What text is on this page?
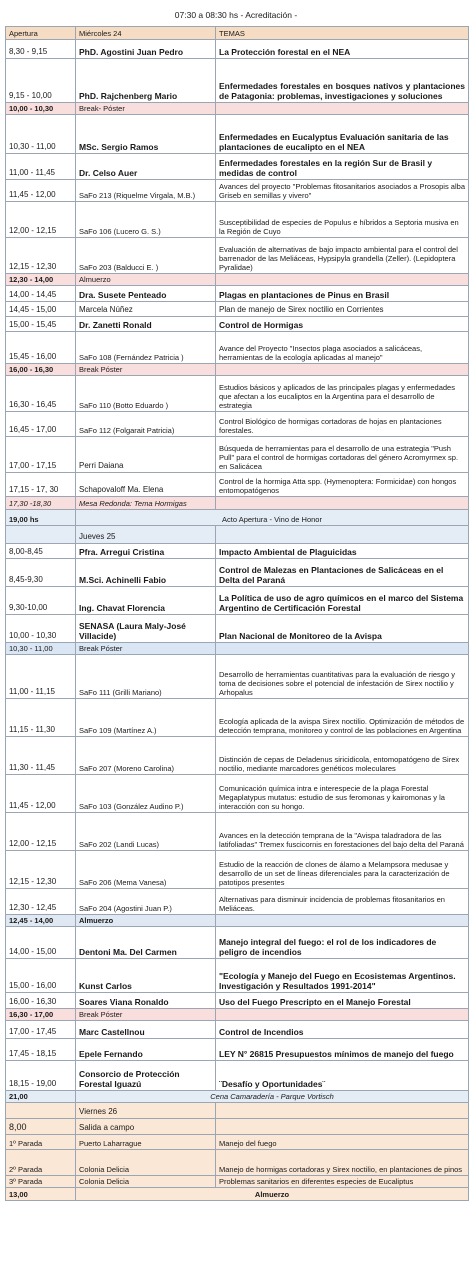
07:30 a 08:30 hs - Acreditación -
Apertura	Miércoles 24	TEMAS
8,30 - 9,15	PhD. Agostini Juan Pedro	La Protección forestal en el NEA
9,15 - 10,00	PhD. Rajchenberg Mario	Enfermedades forestales en bosques nativos y plantaciones de Patagonia: problemas, investigaciones y soluciones
10,00 - 10,30	Break- Póster	
10,30 - 11,00	MSc. Sergio Ramos	Enfermedades en Eucalyptus Evaluación sanitaria de las plantaciones de eucalipto en el NEA
11,00 - 11,45	Dr. Celso Auer	Enfermedades forestales en la región Sur de Brasil y medidas de control
11,45 - 12,00	SaFo 213 (Riquelme Virgala, M.B.)	Avances del proyecto "Problemas fitosanitarios asociados a Prosopis alba Griseb en semillas y vivero"
12,00 - 12,15	SaFo 106 (Lucero G. S.)	Susceptibilidad de especies de Populus e híbridos a Septoria musiva en la Región de Cuyo
12,15 - 12,30	SaFo 203 (Balducci E. )	Evaluación de alternativas de bajo impacto ambiental para el control del barrenador de las Meliáceas, Hypsipyla grandella (Zeller). (Lepidoptera Pyralidae)
12,30 - 14,00	Almuerzo	
14,00 - 14,45	Dra. Susete Penteado	Plagas en plantaciones de Pinus en Brasil
14,45 - 15,00	Marcela Núñez	Plan de manejo de Sirex noctilio en Corrientes
15,00 - 15,45	Dr. Zanetti Ronald	Control de Hormigas
15,45 - 16,00	SaFo 108 (Fernández Patricia )	Avance del Proyecto "Insectos plaga asociados a salicáceas, herramientas de la ecología aplicadas al manejo"
16,00 - 16,30	Break Póster	
16,30 - 16,45	SaFo 110 (Botto Eduardo )	Estudios básicos y aplicados de las principales plagas y enfermedades que afectan a los eucaliptos en la Argentina para el desarrollo de estrategia
16,45 - 17,00	SaFo 112 (Folgarait Patricia)	Control Biológico de hormigas cortadoras de hojas en plantaciones forestales.
17,00 - 17,15	Perri Daiana	Búsqueda de herramientas para el desarrollo de una estrategia "Push Pull" para el control de hormigas cortadoras del género Acromyrmex sp. en Salicácea
17,15 - 17, 30	Schapovaloff Ma. Elena	Control de la hormiga Atta spp. (Hymenoptera: Formicidae) con hongos entomopatógenos
17,30 -18,30	Mesa Redonda: Tema Hormigas	
19,00 hs	Acto Apertura - Vino de Honor	
	Jueves 25	
8,00-8,45	Pfra. Arregui Cristina	Impacto Ambiental de Plaguicidas
8,45-9,30	M.Sci. Achinelli Fabio	Control de Malezas en Plantaciones de Salicáceas en el Delta del Paraná
9,30-10,00	Ing. Chavat Florencia	La Política de uso de agro químicos en el marco del Sistema Argentino de Certificación Forestal
10,00 - 10,30	SENASA (Laura Maly-José Villacide)	Plan Nacional de Monitoreo de la Avispa
10,30 - 11,00	Break Póster	
11,00 - 11,15	SaFo 111 (Grilli Mariano)	Desarrollo de herramientas cuantitativas para la evaluación de riesgo y toma de decisiones sobre el potencial de infestación de Sirex noctilio y Arhopalus
11,15 - 11,30	SaFo 109 (Martínez A.)	Ecología aplicada de la avispa Sirex noctilio. Optimización de métodos de detección temprana, monitoreo y control de las poblaciones en Argentina
11,30 - 11,45	SaFo 207 (Moreno Carolina)	Distinción de cepas de Deladenus siricidicola, entomopatógeno de Sirex noctilio, mediante marcadores genéticos moleculares
11,45 - 12,00	SaFo 103 (González Audino P.)	Comunicación química intra e interespecie de la plaga Forestal Megaplatypus mutatus: estudio de sus feromonas y kairomonas y la interacción con su hongo.
12,00 - 12,15	SaFo 202 (Landi Lucas)	Avances en la detección temprana de la "Avispa taladradora de las latifoliadas" Tremex fuscicornis en forestaciones del bajo delta del Paraná
12,15 - 12,30	SaFo 206 (Mema Vanesa)	Estudio de la reacción de clones de álamo a Melampsora medusae y desarrollo de un set de líneas diferenciales para la caracterización de patotipos presentes
12,30 - 12,45	SaFo 204 (Agostini Juan P.)	Alternativas para disminuir incidencia de problemas fitosanitarios en Meliáceas.
12,45 - 14,00	Almuerzo	
14,00 - 15,00	Dentoni Ma. Del Carmen	Manejo integral del fuego: el rol de los indicadores de peligro de incendios
15,00 - 16,00	Kunst Carlos	"Ecología y Manejo del Fuego en Ecosistemas Argentinos. Investigación y Resultados 1991-2014"
16,00 - 16,30	Soares Viana Ronaldo	Uso del Fuego Prescripto en el Manejo Forestal
16,30 - 17,00	Break Póster	
17,00 - 17,45	Marc Castellnou	Control de Incendios
17,45 - 18,15	Epele Fernando	LEY N° 26815 Presupuestos mínimos de manejo del fuego
18,15 - 19,00	Consorcio de Protección Forestal Iguazú	¨Desafío y Oportunidades¨
21,00	Cena Camaradería - Parque Vortisch	
	Viernes 26	
8,00	Salida a campo	
1º Parada	Puerto Laharrague	Manejo del fuego
2º Parada	Colonia Delicia	Manejo de hormigas cortadoras y Sirex noctilio, en plantaciones de pinos
3º Parada	Colonia Delicia	Problemas sanitarios en diferentes especies de Eucaliptus
13,00	Almuerzo	
